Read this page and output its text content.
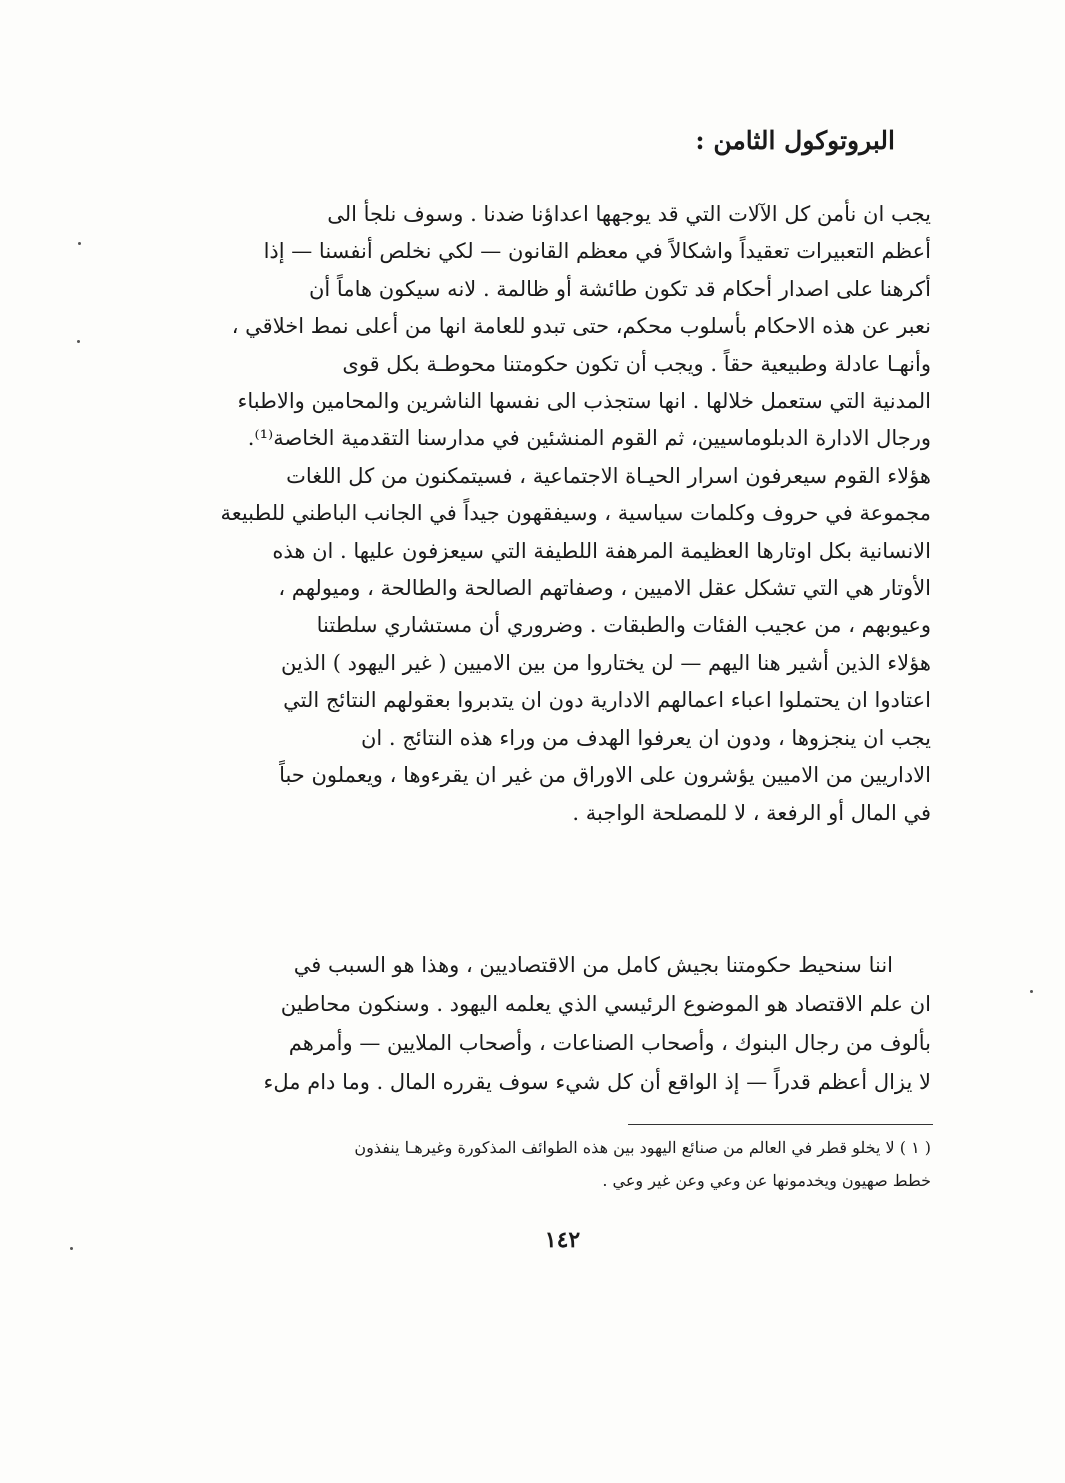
البروتوكول الثامن :
يجب ان نأمن كل الآلات التي قد يوجهها اعداؤنا ضدنا . وسوف نلجأ الى
أعظم التعبيرات تعقيداً واشكالاً في معظم القانون — لكي نخلص أنفسنا — إذا
أكرهنا على اصدار أحكام قد تكون طائشة أو ظالمة . لانه سيكون هاماً أن
نعبر عن هذه الاحكام بأسلوب محكم، حتى تبدو للعامة انها من أعلى نمط اخلاقي ،
وأنهـا عادلة وطبيعية حقاً . ويجب أن تكون حكومتنا محوطـة بكل قوى
المدنية التي ستعمل خلالها . انها ستجذب الى نفسها الناشرين والمحامين والاطباء
ورجال الادارة الدبلوماسيين، ثم القوم المنشئين في مدارسنا التقدمية الخاصة⁽¹⁾.
هؤلاء القوم سيعرفون اسرار الحيـاة الاجتماعية ، فسيتمكنون من كل اللغات
مجموعة في حروف وكلمات سياسية ، وسيفقهون جيداً في الجانب الباطني للطبيعة
الانسانية بكل اوتارها العظيمة المرهفة اللطيفة التي سيعزفون عليها . ان هذه
الأوتار هي التي تشكل عقل الاميين ، وصفاتهم الصالحة والطالحة ، وميولهم ،
وعيوبهم ، من عجيب الفئات والطبقات . وضروري أن مستشاري سلطتنا
هؤلاء الذين أشير هنا اليهم — لن يختاروا من بين الاميين ( غير اليهود ) الذين
اعتادوا ان يحتملوا اعباء اعمالهم الادارية دون ان يتدبروا بعقولهم النتائج التي
يجب ان ينجزوها ، ودون ان يعرفوا الهدف من وراء هذه النتائج . ان
الاداريين من الاميين يؤشرون على الاوراق من غير ان يقرءوها ، ويعملون حباً
في المال أو الرفعة ، لا للمصلحة الواجبة .
اننا سنحيط حكومتنا بجيش كامل من الاقتصاديين ، وهذا هو السبب في
ان علم الاقتصاد هو الموضوع الرئيسي الذي يعلمه اليهود . وسنكون محاطين
بألوف من رجال البنوك ، وأصحاب الصناعات ، وأصحاب الملايين — وأمرهم
لا يزال أعظم قدراً — إذ الواقع أن كل شيء سوف يقرره المال . وما دام ملء
( ١ ) لا يخلو قطر في العالم من صنائع اليهود بين هذه الطوائف المذكورة وغيرهـا ينفذون
خطط صهيون ويخدمونها عن وعي وعن غير وعي .
١٤٢
